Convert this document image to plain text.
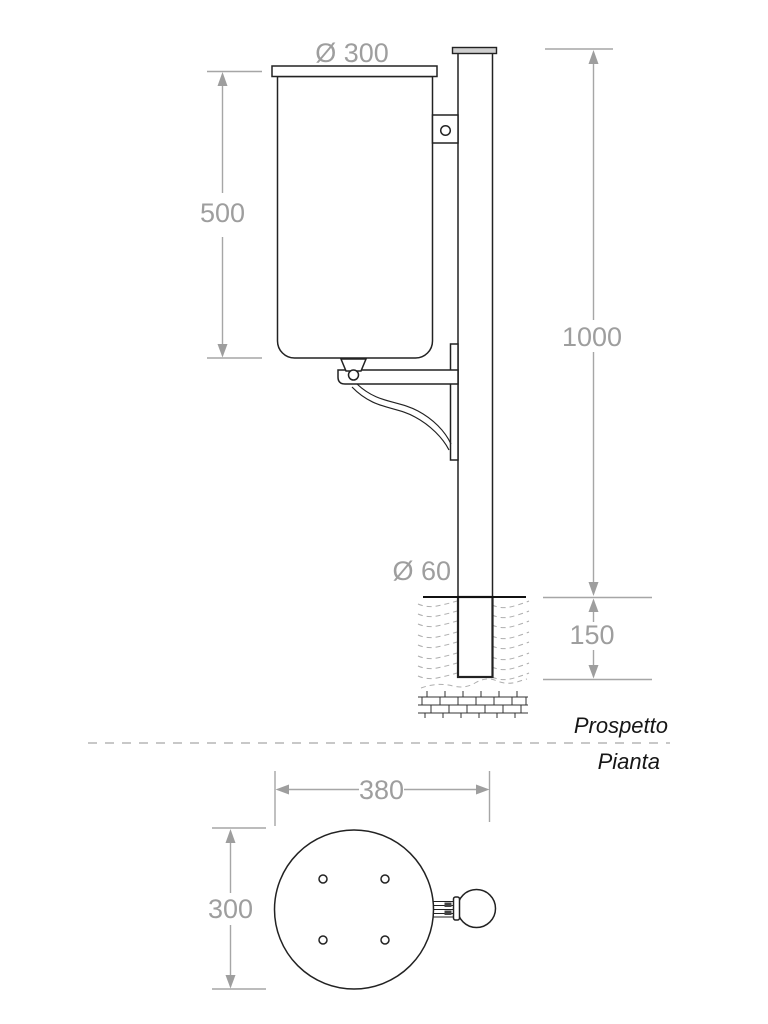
500
Ø 300
1000
150
Ø 60
Prospetto
Pianta
380
300
